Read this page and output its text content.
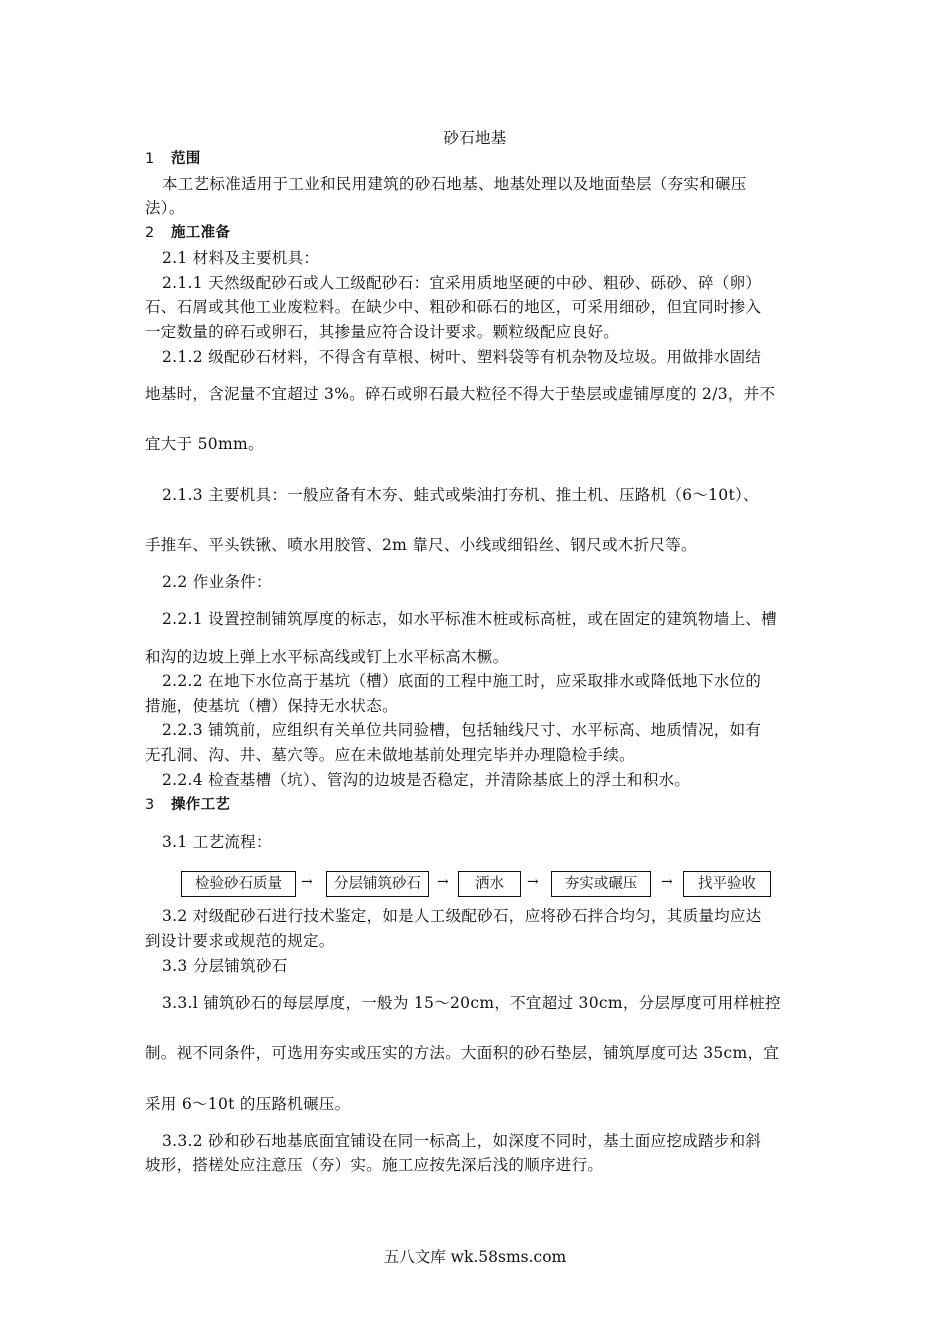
砂石地基
1 范围
本工艺标准适用于工业和民用建筑的砂石地基、地基处理以及地面垫层（夯实和碾压
法）。
2 施工准备
2.1 材料及主要机具：
2.1.1 天然级配砂石或人工级配砂石：宜采用质地坚硬的中砂、粗砂、砾砂、碎（卵）
石、石屑或其他工业废粒料。在缺少中、粗砂和砾石的地区，可采用细砂，但宜同时掺入
一定数量的碎石或卵石，其掺量应符合设计要求。颗粒级配应良好。
2.1.2 级配砂石材料，不得含有草根、树叶、塑料袋等有机杂物及垃圾。用做排水固结
地基时，含泥量不宜超过 3%。碎石或卵石最大粒径不得大于垫层或虚铺厚度的 2/3，并不
宜大于 50mm。
2.1.3 主要机具：一般应备有木夯、蛙式或柴油打夯机、推土机、压路机（6～10t）、
手推车、平头铁锹、喷水用胶管、2m 靠尺、小线或细铅丝、钢尺或木折尺等。
2.2 作业条件：
2.2.1 设置控制铺筑厚度的标志，如水平标准木桩或标高桩，或在固定的建筑物墙上、槽
和沟的边坡上弹上水平标高线或钉上水平标高木橛。
2.2.2 在地下水位高于基坑（槽）底面的工程中施工时，应采取排水或降低地下水位的
措施，使基坑（槽）保持无水状态。
2.2.3 铺筑前，应组织有关单位共同验槽，包括轴线尺寸、水平标高、地质情况，如有
无孔洞、沟、井、墓穴等。应在未做地基前处理完毕并办理隐检手续。
2.2.4 检查基槽（坑）、管沟的边坡是否稳定，并清除基底上的浮土和积水。
3 操作工艺
3.1 工艺流程：
检验砂石质量	→	分层铺筑砂石	→	洒水	→	夯实或碾压	→	找平验收
3.2 对级配砂石进行技术鉴定，如是人工级配砂石，应将砂石拌合均匀，其质量均应达
到设计要求或规范的规定。
3.3 分层铺筑砂石
3.3.l 铺筑砂石的每层厚度，一般为 15～20cm，不宜超过 30cm，分层厚度可用样桩控
制。视不同条件，可选用夯实或压实的方法。大面积的砂石垫层，铺筑厚度可达 35cm，宜
采用 6～10t 的压路机碾压。
3.3.2 砂和砂石地基底面宜铺设在同一标高上，如深度不同时，基土面应挖成踏步和斜
坡形，搭槎处应注意压（夯）实。施工应按先深后浅的顺序进行。
五八文库 wk.58sms.com
